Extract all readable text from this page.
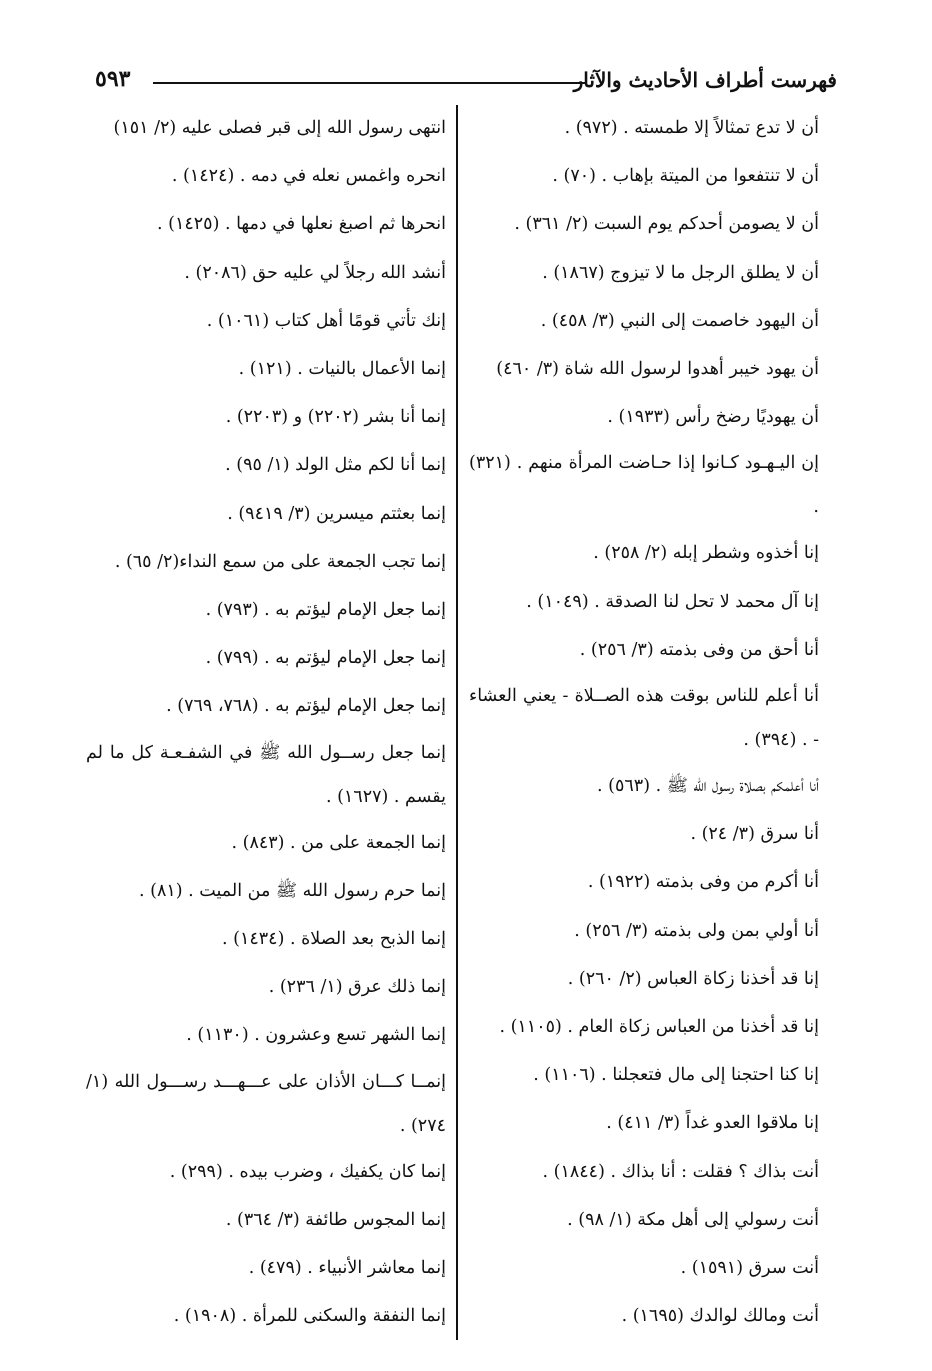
فهرست أطراف الأحاديث والآثار
٥٩٣

أن لا تدع تمثالاً إلا طمسته . (٩٧٢) .

أن لا تنتفعوا من الميتة بإهاب . (٧٠) .

أن لا يصومن أحدكم يوم السبت (٢/ ٣٦١) .

أن لا يطلق الرجل ما لا تيزوج (١٨٦٧) .

أن اليهود خاصمت إلى النبي (٣/ ٤٥٨) .

أن يهود خيبر أهدوا لرسول الله شاة (٣/ ٤٦٠)

أن يهوديًا رضخ رأس (١٩٣٣) .

إن اليـهـود كـانوا إذا حـاضت المرأة منهم . (٣٢١) .

إنا أخذوه وشطر إبله (٢/ ٢٥٨) .

إنا آل محمد لا تحل لنا الصدقة . (١٠٤٩) .

أنا أحق من وفى بذمته (٣/ ٢٥٦) .

أنا أعلم للناس بوقت هذه الصــلاة - يعني العشاء - . (٣٩٤) .

أنا أعلمكم بصلاة رسول الله ﷺ . (٥٦٣) .

أنا سرق (٣/ ٢٤) .

أنا أكرم من وفى بذمته (١٩٢٢) .

أنا أولي بمن ولى بذمته (٣/ ٢٥٦) .

إنا قد أخذنا زكاة العباس (٢/ ٢٦٠) .

إنا قد أخذنا من العباس زكاة العام . (١١٠٥) .

إنا كنا احتجنا إلى مال فتعجلنا . (١١٠٦) .

إنا ملاقوا العدو غداً (٣/ ٤١١) .

أنت بذاك ؟ فقلت : أنا بذاك . (١٨٤٤) .

أنت رسولي إلى أهل مكة (١/ ٩٨) .

أنت سرق (١٥٩١) .

أنت ومالك لوالدك (١٦٩٥) .

انتهى رسول الله إلى قبر فصلى عليه (٢/ ١٥١)

انحره واغمس نعله في دمه . (١٤٢٤) .

انحرها ثم اصبغ نعلها في دمها . (١٤٢٥) .

أنشد الله رجلاً لي عليه حق (٢٠٨٦) .

إنك تأتي قومًا أهل كتاب (١٠٦١) .

إنما الأعمال بالنيات . (١٢١) .

إنما أنا بشر (٢٢٠٢) و (٢٢٠٣) .

إنما أنا لكم مثل الولد (١/ ٩٥) .

إنما بعثتم ميسرين (٣/ ٩٤١٩) .

إنما تجب الجمعة على من سمع النداء(٢/ ٦٥) .

إنما جعل الإمام ليؤتم به . (٧٩٣) .

إنما جعل الإمام ليؤتم به . (٧٩٩) .

إنما جعل الإمام ليؤتم به . (٧٦٨، ٧٦٩) .

إنما جعل رســول الله ﷺ في الشفـعـة كل ما لم يقسم . (١٦٢٧) .

إنما الجمعة على من . (٨٤٣) .

إنما حرم رسول الله ﷺ من الميت . (٨١) .

إنما الذبح بعد الصلاة . (١٤٣٤) .

إنما ذلك عرق (١/ ٢٣٦) .

إنما الشهر تسع وعشرون . (١١٣٠) .

إنمــا كـــان الأذان على عـــهـــد رســـول الله (١/ ٢٧٤) .

إنما كان يكفيك ، وضرب بيده . (٢٩٩) .

إنما المجوس طائفة (٣/ ٣٦٤) .

إنما معاشر الأنبياء . (٤٧٩) .

إنما النفقة والسكنى للمرأة . (١٩٠٨) .
